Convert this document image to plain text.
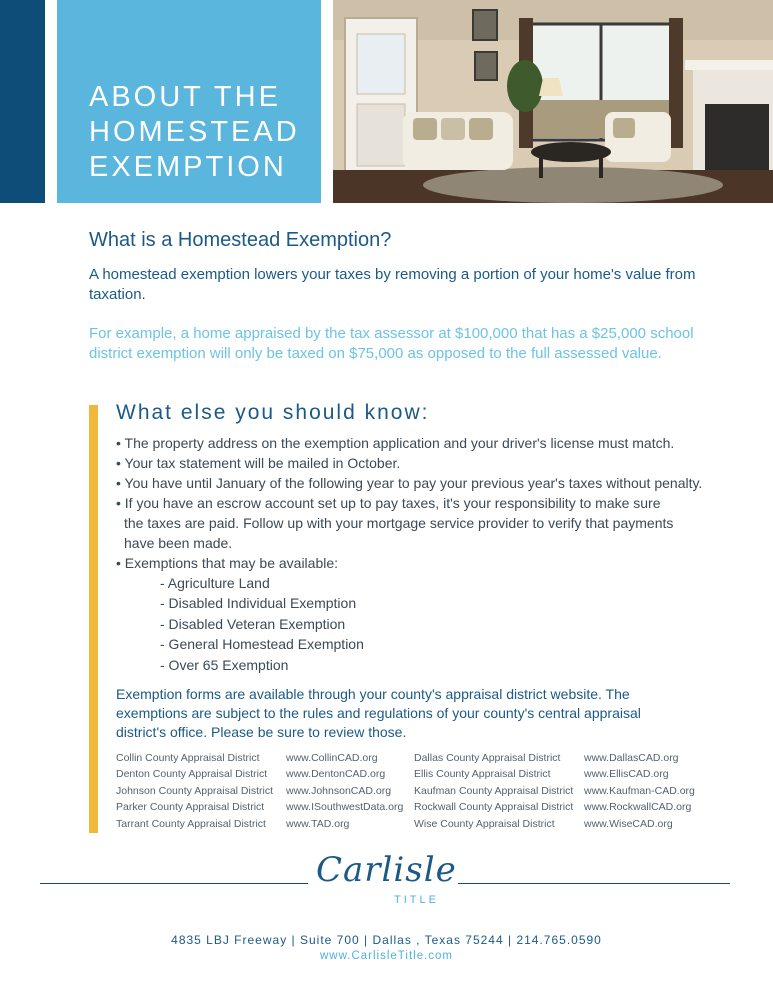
ABOUT THE
HOMESTEAD
EXEMPTION
What is a Homestead Exemption?
A homestead exemption lowers your taxes by removing a portion of your home's value from taxation.
For example, a home appraised by the tax assessor at $100,000 that has a $25,000 school district exemption will only be taxed on $75,000 as opposed to the full assessed value.
What else you should know:
• The property address on the exemption application and your driver's license must match.
• Your tax statement will be mailed in October.
• You have until January of the following year to pay your previous year's taxes without penalty.
• If you have an escrow account set up to pay taxes, it's your responsibility to make sure
the taxes are paid. Follow up with your mortgage service provider to verify that payments
have been made.
• Exemptions that may be available:
- Agriculture Land
- Disabled Individual Exemption
- Disabled Veteran Exemption
- General Homestead Exemption
- Over 65 Exemption
Exemption forms are available through your county's appraisal district website. The exemptions are subject to the rules and regulations of your county's central appraisal district's office. Please be sure to review those.
Collin County Appraisal District	www.CollinCAD.org	Dallas County Appraisal District www.DallasCAD.org
Denton County Appraisal District www.DentonCAD.org	Ellis County Appraisal District	www.EllisCAD.org
Johnson County Appraisal District www.JohnsonCAD.org Kaufman County Appraisal District www.Kaufman-CAD.org
Parker County Appraisal District www.ISouthwestData.org Rockwall County Appraisal District www.RockwallCAD.org
Tarrant County Appraisal District www.TAD.org	Wise County Appraisal District	www.WiseCAD.org
Carlisle
TITLE
4835 LBJ Freeway | Suite 700 | Dallas , Texas 75244 | 214.765.0590
www.CarlisleTitle.com
